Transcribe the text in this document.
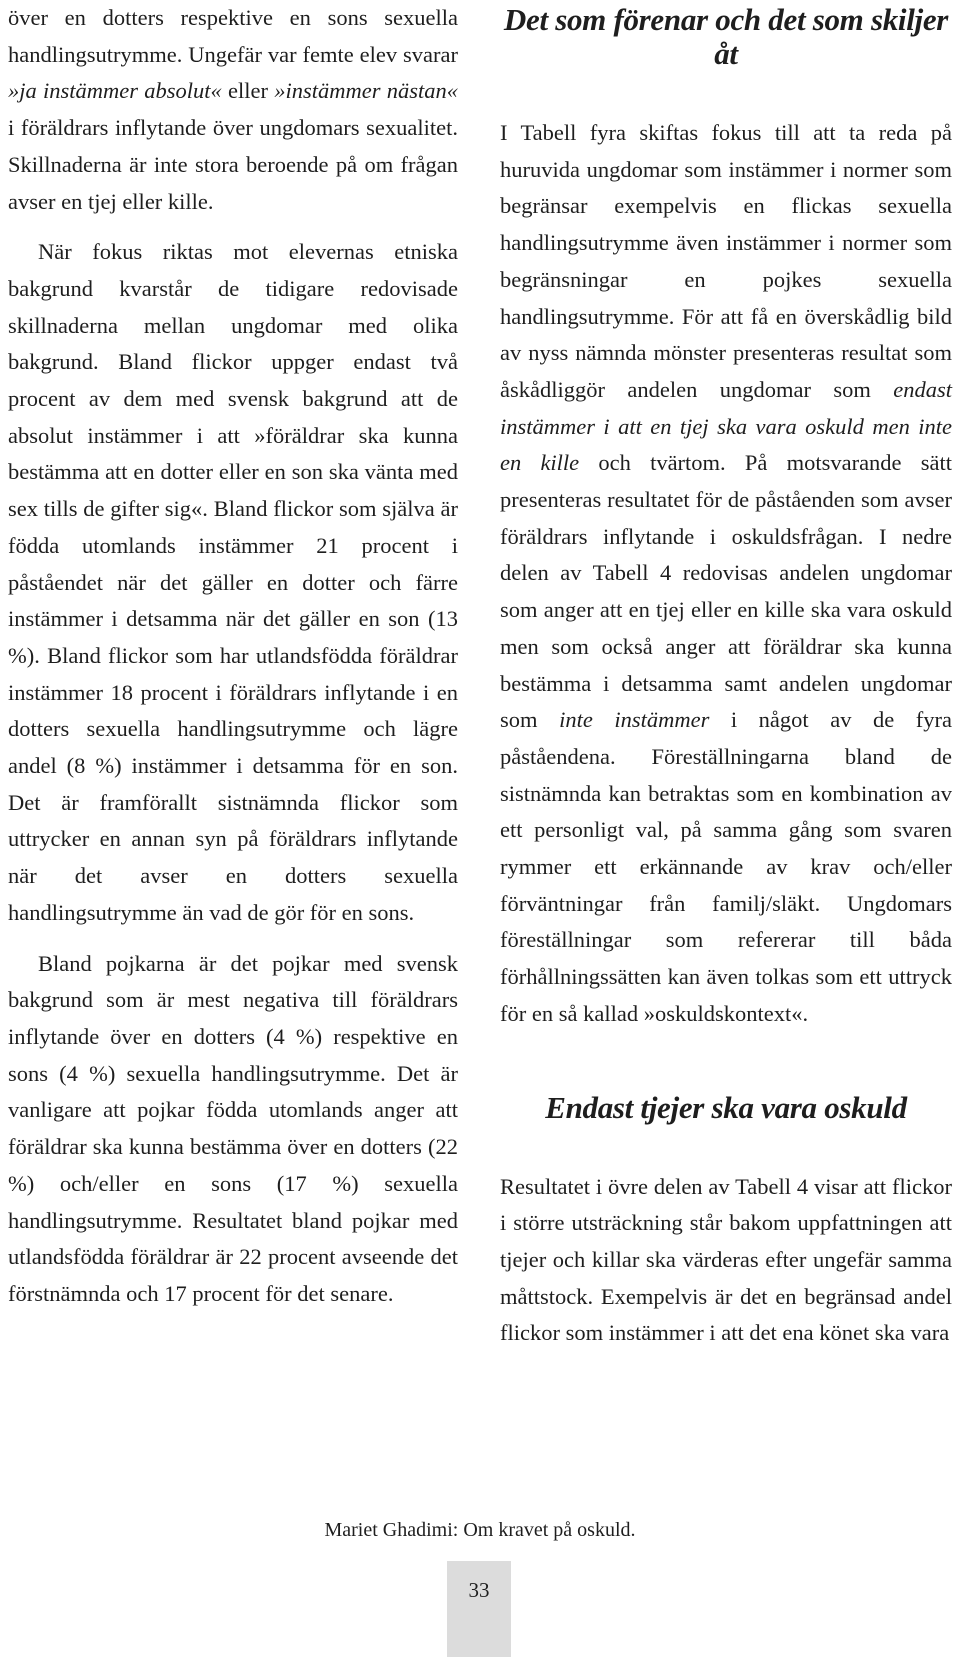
över en dotters respektive en sons sexuella handlingsutrymme. Ungefär var femte elev svarar »ja instämmer absolut« eller »instämmer nästan« i föräldrars inflytande över ungdomars sexualitet. Skillnaderna är inte stora beroende på om frågan avser en tjej eller kille.

När fokus riktas mot elevernas etniska bakgrund kvarstår de tidigare redovisade skillnaderna mellan ungdomar med olika bakgrund. Bland flickor uppger endast två procent av dem med svensk bakgrund att de absolut instämmer i att »föräldrar ska kunna bestämma att en dotter eller en son ska vänta med sex tills de gifter sig«. Bland flickor som själva är födda utomlands instämmer 21 procent i påståendet när det gäller en dotter och färre instämmer i detsamma när det gäller en son (13 %). Bland flickor som har utlandsfödda föräldrar instämmer 18 procent i föräldrars inflytande i en dotters sexuella handlingsutrymme och lägre andel (8 %) instämmer i detsamma för en son. Det är framförallt sistnämnda flickor som uttrycker en annan syn på föräldrars inflytande när det avser en dotters sexuella handlingsutrymme än vad de gör för en sons.

Bland pojkarna är det pojkar med svensk bakgrund som är mest negativa till föräldrars inflytande över en dotters (4 %) respektive en sons (4 %) sexuella handlingsutrymme. Det är vanligare att pojkar födda utomlands anger att föräldrar ska kunna bestämma över en dotters (22 %) och/eller en sons (17 %) sexuella handlingsutrymme. Resultatet bland pojkar med utlandsfödda föräldrar är 22 procent avseende det förstnämnda och 17 procent för det senare.

Det som förenar och det som skiljer åt

I Tabell fyra skiftas fokus till att ta reda på huruvida ungdomar som instämmer i normer som begränsar exempelvis en flickas sexuella handlingsutrymme även instämmer i normer som begränsningar en pojkes sexuella handlingsutrymme. För att få en överskådlig bild av nyss nämnda mönster presenteras resultat som åskådliggör andelen ungdomar som endast instämmer i att en tjej ska vara oskuld men inte en kille och tvärtom. På motsvarande sätt presenteras resultatet för de påståenden som avser föräldrars inflytande i oskuldsfrågan. I nedre delen av Tabell 4 redovisas andelen ungdomar som anger att en tjej eller en kille ska vara oskuld men som också anger att föräldrar ska kunna bestämma i detsamma samt andelen ungdomar som inte instämmer i något av de fyra påståendena. Föreställningarna bland de sistnämnda kan betraktas som en kombination av ett personligt val, på samma gång som svaren rymmer ett erkännande av krav och/eller förväntningar från familj/släkt. Ungdomars föreställningar som refererar till båda förhållningssätten kan även tolkas som ett uttryck för en så kallad »oskuldskontext«.

Endast tjejer ska vara oskuld

Resultatet i övre delen av Tabell 4 visar att flickor i större utsträckning står bakom uppfattningen att tjejer och killar ska värderas efter ungefär samma måttstock. Exempelvis är det en begränsad andel flickor som instämmer i att det ena könet ska vara

Mariet Ghadimi: Om kravet på oskuld.
33
